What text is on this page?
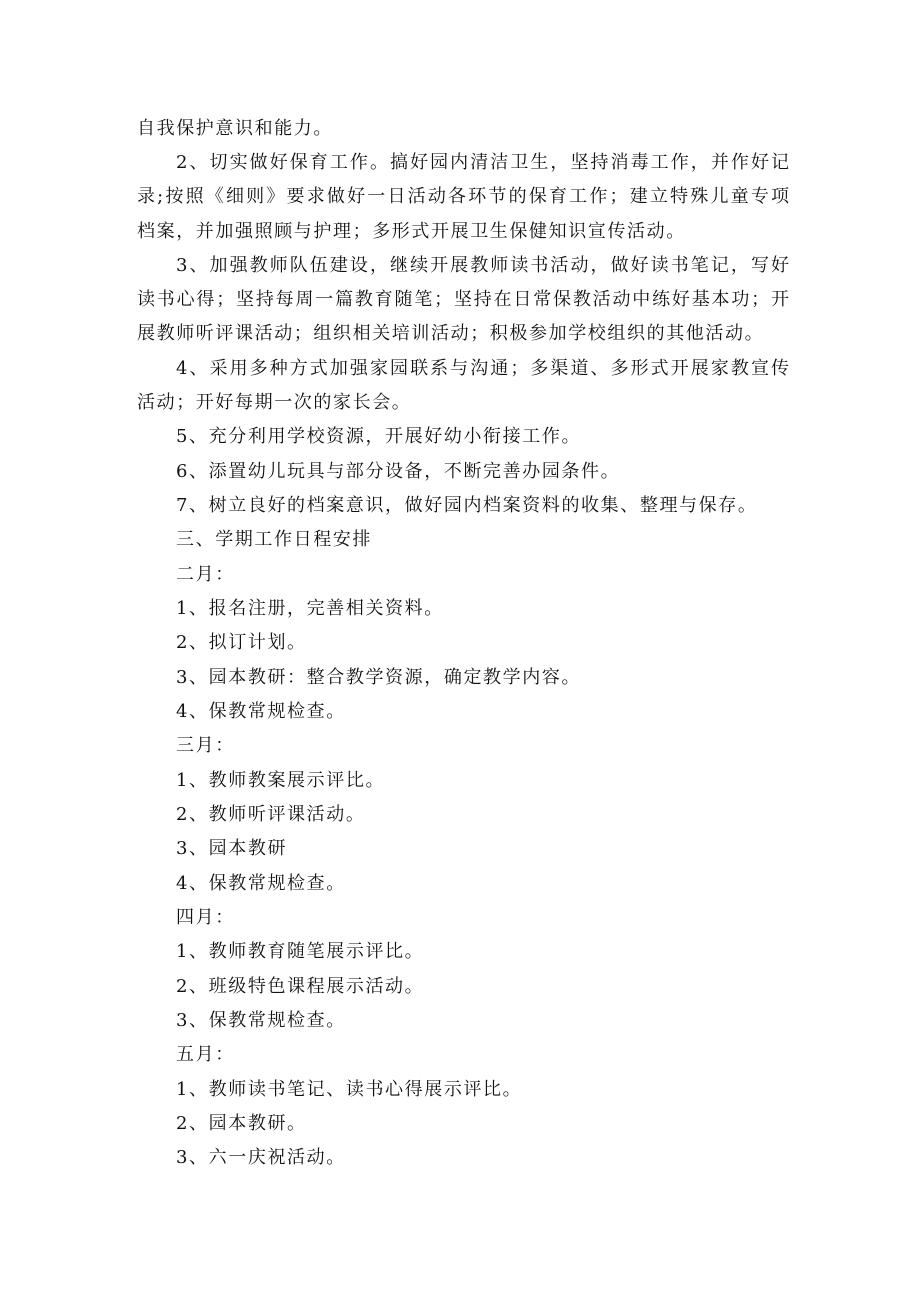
自我保护意识和能力。
2、切实做好保育工作。搞好园内清洁卫生，坚持消毒工作，并作好记
录;按照《细则》要求做好一日活动各环节的保育工作；建立特殊儿童专项
档案，并加强照顾与护理；多形式开展卫生保健知识宣传活动。
3、加强教师队伍建设，继续开展教师读书活动，做好读书笔记，写好
读书心得；坚持每周一篇教育随笔；坚持在日常保教活动中练好基本功；开
展教师听评课活动；组织相关培训活动；积极参加学校组织的其他活动。
4、采用多种方式加强家园联系与沟通；多渠道、多形式开展家教宣传
活动；开好每期一次的家长会。
5、充分利用学校资源，开展好幼小衔接工作。
6、添置幼儿玩具与部分设备，不断完善办园条件。
7、树立良好的档案意识，做好园内档案资料的收集、整理与保存。
三、学期工作日程安排
二月：
1、报名注册，完善相关资料。
2、拟订计划。
3、园本教研：整合教学资源，确定教学内容。
4、保教常规检查。
三月：
1、教师教案展示评比。
2、教师听评课活动。
3、园本教研
4、保教常规检查。
四月：
1、教师教育随笔展示评比。
2、班级特色课程展示活动。
3、保教常规检查。
五月：
1、教师读书笔记、读书心得展示评比。
2、园本教研。
3、六一庆祝活动。
